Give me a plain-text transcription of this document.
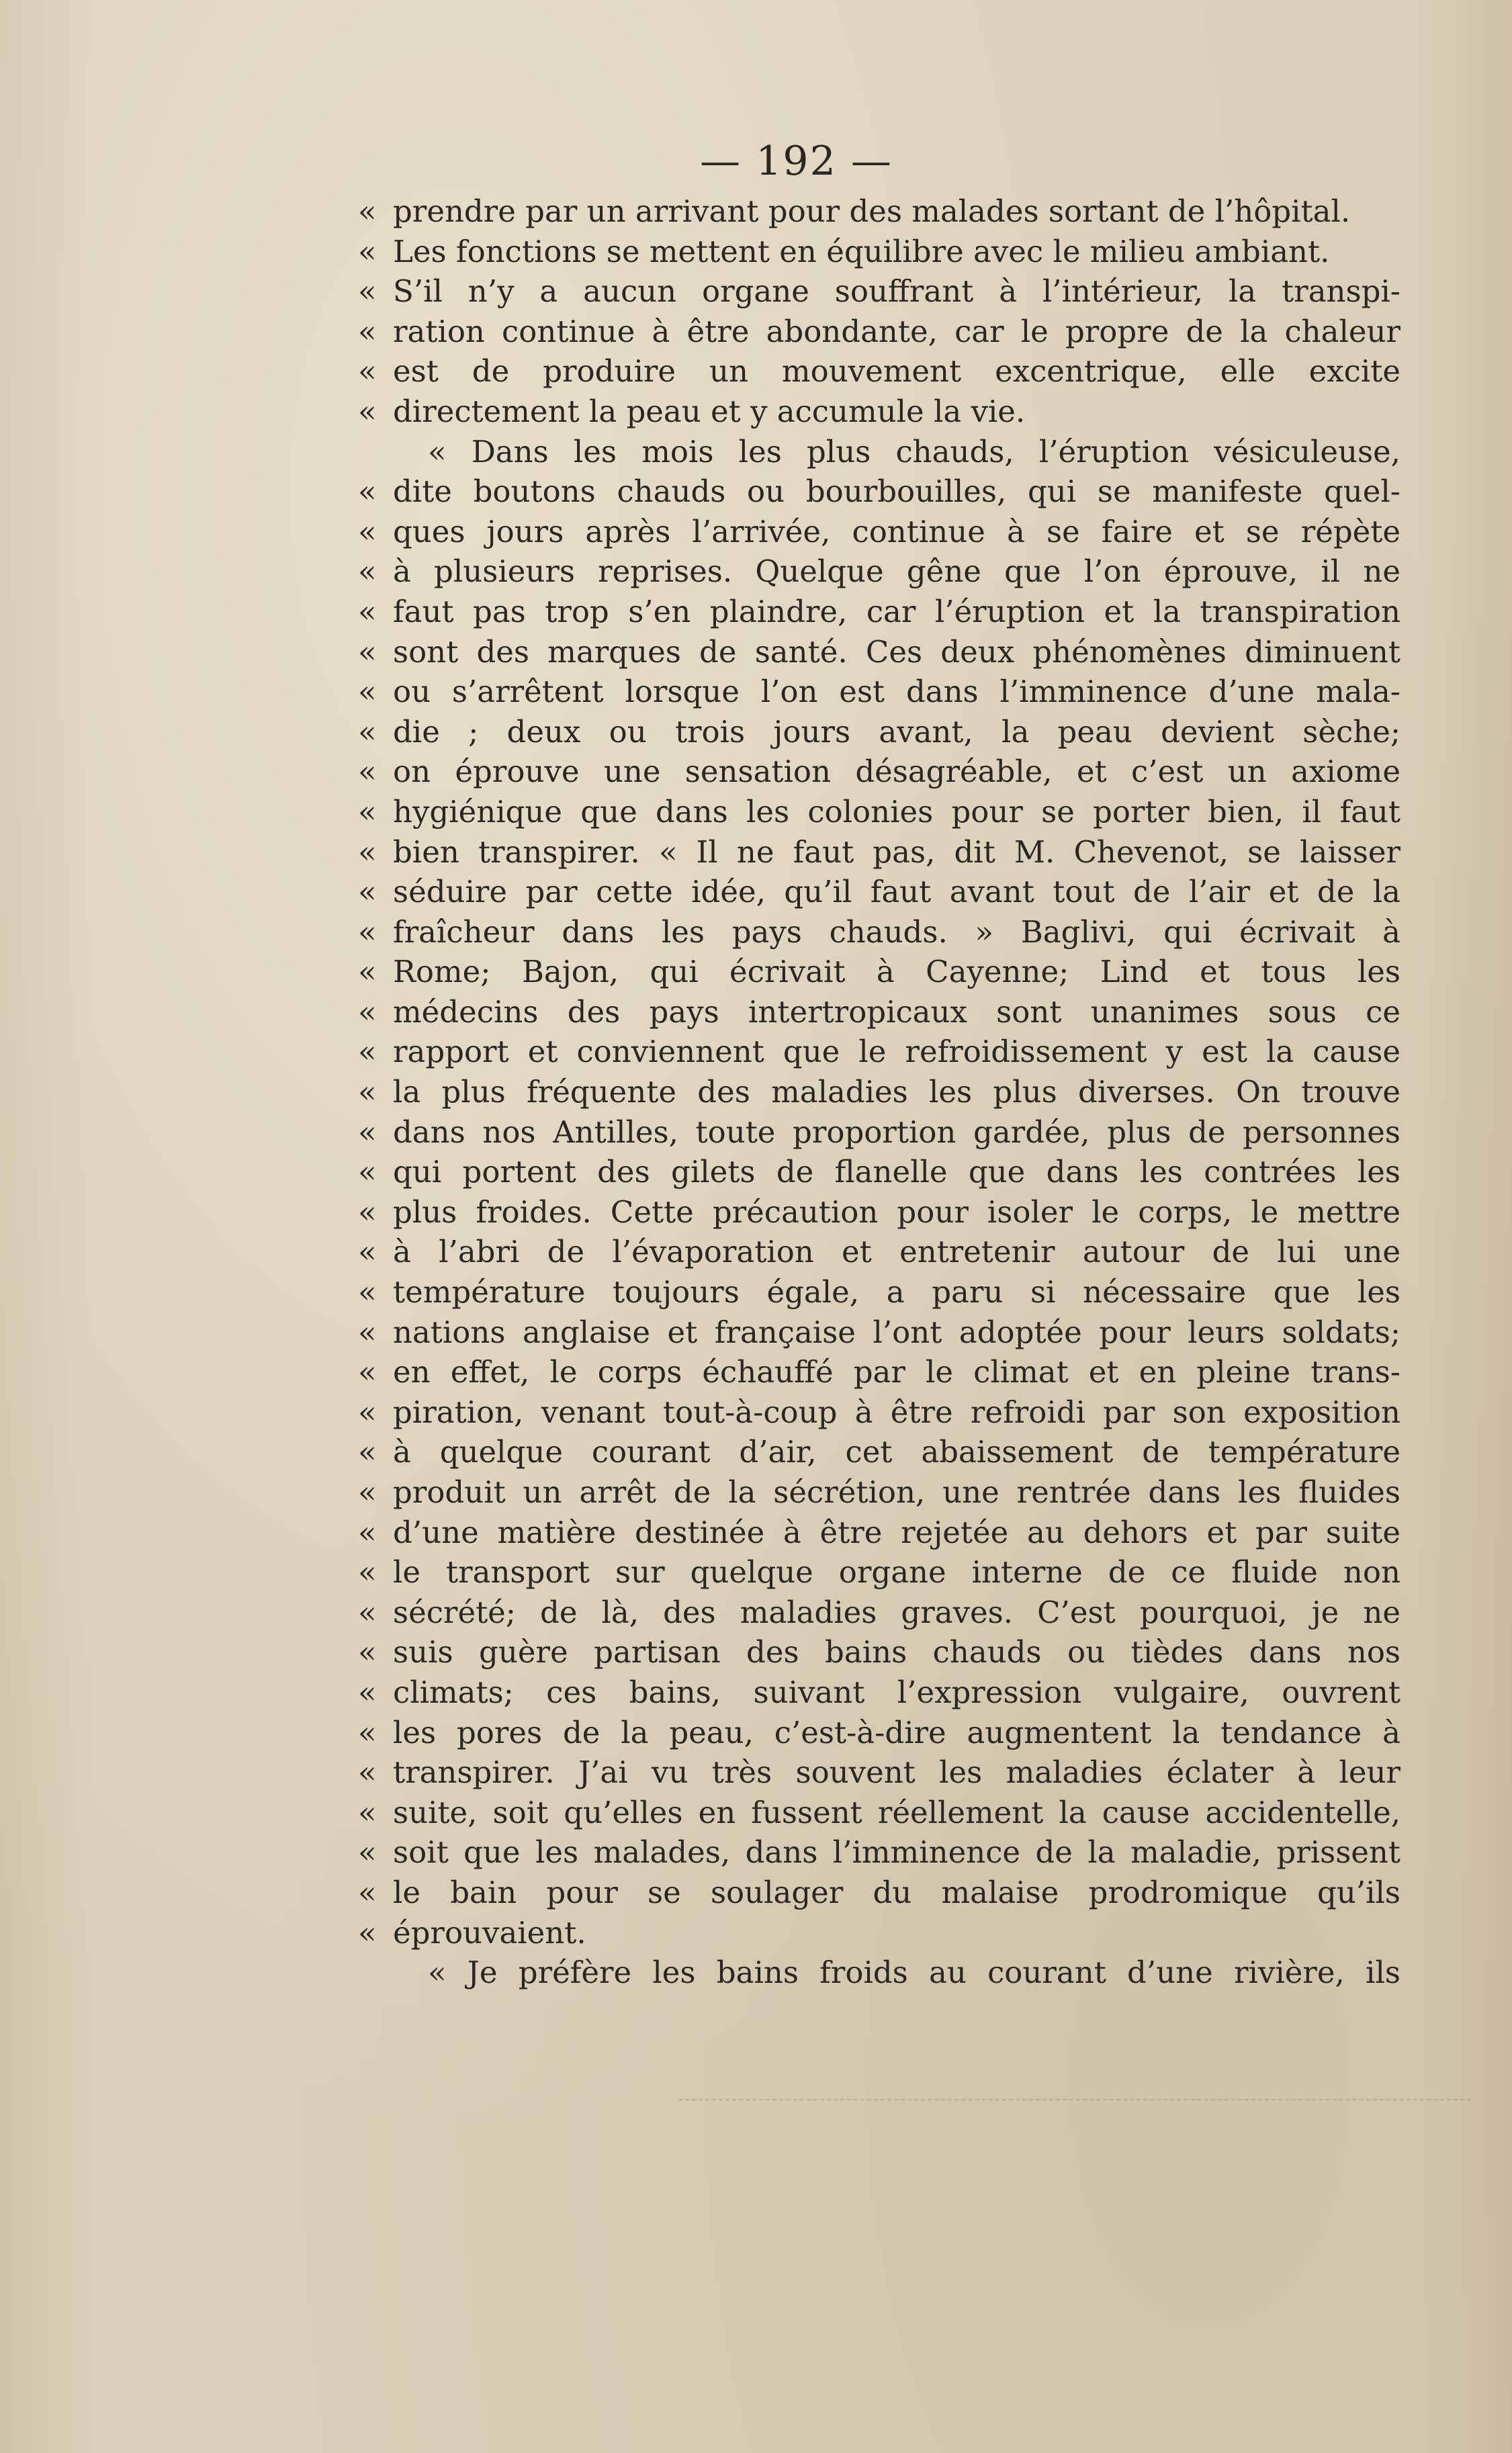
— 192 —
« prendre par un arrivant pour des malades sortant de l’hôpital.
« Les fonctions se mettent en équilibre avec le milieu ambiant.
« S’il n’y a aucun organe souffrant à l’intérieur, la transpi-
« ration continue à être abondante, car le propre de la chaleur
« est de produire un mouvement excentrique, elle excite
« directement la peau et y accumule la vie.
« Dans les mois les plus chauds, l’éruption vésiculeuse,
« dite boutons chauds ou bourbouilles, qui se manifeste quel-
« ques jours après l’arrivée, continue à se faire et se répète
« à plusieurs reprises. Quelque gêne que l’on éprouve, il ne
« faut pas trop s’en plaindre, car l’éruption et la transpiration
« sont des marques de santé. Ces deux phénomènes diminuent
« ou s’arrêtent lorsque l’on est dans l’imminence d’une mala-
« die ; deux ou trois jours avant, la peau devient sèche;
« on éprouve une sensation désagréable, et c’est un axiome
« hygiénique que dans les colonies pour se porter bien, il faut
« bien transpirer. « Il ne faut pas, dit M. Chevenot, se laisser
« séduire par cette idée, qu’il faut avant tout de l’air et de la
« fraîcheur dans les pays chauds. » Baglivi, qui écrivait à
« Rome; Bajon, qui écrivait à Cayenne; Lind et tous les
« médecins des pays intertropicaux sont unanimes sous ce
« rapport et conviennent que le refroidissement y est la cause
« la plus fréquente des maladies les plus diverses. On trouve
« dans nos Antilles, toute proportion gardée, plus de personnes
« qui portent des gilets de flanelle que dans les contrées les
« plus froides. Cette précaution pour isoler le corps, le mettre
« à l’abri de l’évaporation et entretenir autour de lui une
« température toujours égale, a paru si nécessaire que les
« nations anglaise et française l’ont adoptée pour leurs soldats;
« en effet, le corps échauffé par le climat et en pleine trans-
« piration, venant tout-à-coup à être refroidi par son exposition
« à quelque courant d’air, cet abaissement de température
« produit un arrêt de la sécrétion, une rentrée dans les fluides
« d’une matière destinée à être rejetée au dehors et par suite
« le transport sur quelque organe interne de ce fluide non
« sécrété; de là, des maladies graves. C’est pourquoi, je ne
« suis guère partisan des bains chauds ou tièdes dans nos
« climats; ces bains, suivant l’expression vulgaire, ouvrent
« les pores de la peau, c’est-à-dire augmentent la tendance à
« transpirer. J’ai vu très souvent les maladies éclater à leur
« suite, soit qu’elles en fussent réellement la cause accidentelle,
« soit que les malades, dans l’imminence de la maladie, prissent
« le bain pour se soulager du malaise prodromique qu’ils
« éprouvaient.
« Je préfère les bains froids au courant d’une rivière, ils
